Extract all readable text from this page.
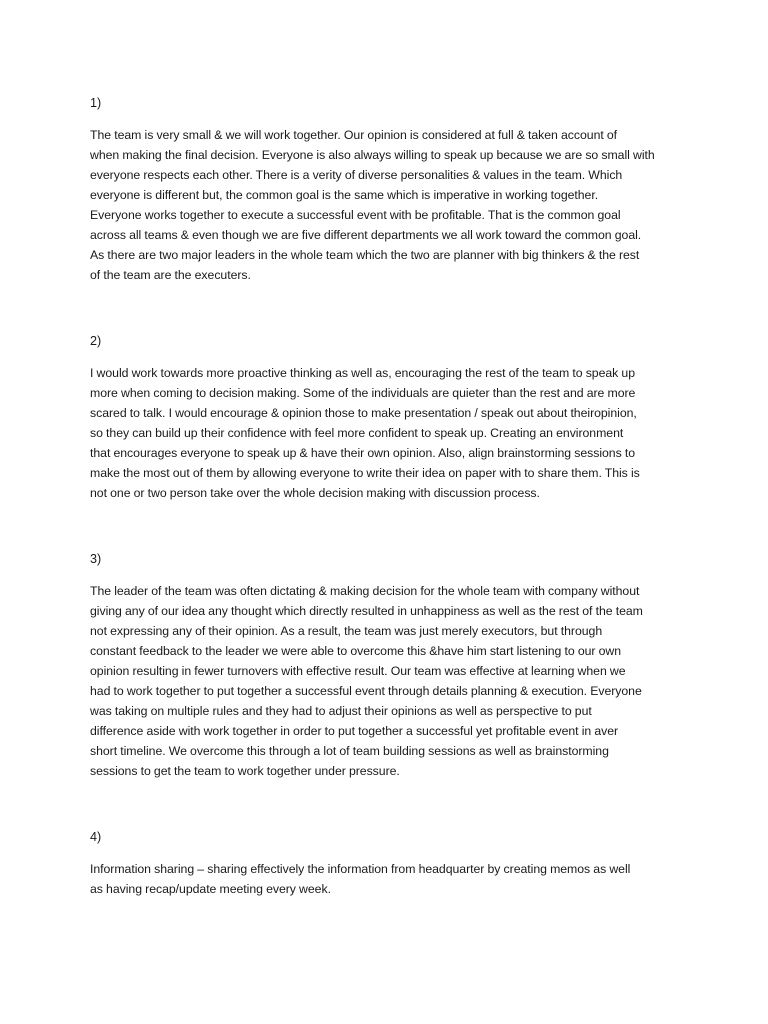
1)

The team is very small & we will work together. Our opinion is considered at full & taken account of
when making the final decision. Everyone is also always willing to speak up because we are so small with
everyone respects each other. There is a verity of diverse personalities & values in the team. Which
everyone is different but, the common goal is the same which is imperative in working together.
Everyone works together to execute a successful event with be profitable. That is the common goal
across all teams & even though we are five different departments we all work toward the common goal.
As there are two major leaders in the whole team which the two are planner with big thinkers & the rest
of the team are the executers.

2)

I would work towards more proactive thinking as well as, encouraging the rest of the team to speak up
more when coming to decision making. Some of the individuals are quieter than the rest and are more
scared to talk. I would encourage & opinion those to make presentation / speak out about theiropinion,
so they can build up their confidence with feel more confident to speak up. Creating an environment
that encourages everyone to speak up & have their own opinion. Also, align brainstorming sessions to
make the most out of them by allowing everyone to write their idea on paper with to share them. This is
not one or two person take over the whole decision making with discussion process.

3)

The leader of the team was often dictating & making decision for the whole team with company without
giving any of our idea any thought which directly resulted in unhappiness as well as the rest of the team
not expressing any of their opinion. As a result, the team was just merely executors, but through
constant feedback to the leader we were able to overcome this &have him start listening to our own
opinion resulting in fewer turnovers with effective result. Our team was effective at learning when we
had to work together to put together a successful event through details planning & execution. Everyone
was taking on multiple rules and they had to adjust their opinions as well as perspective to put
difference aside with work together in order to put together a successful yet profitable event in aver
short timeline. We overcome this through a lot of team building sessions as well as brainstorming
sessions to get the team to work together under pressure.

4)

Information sharing – sharing effectively the information from headquarter by creating memos as well
as having recap/update meeting every week.
